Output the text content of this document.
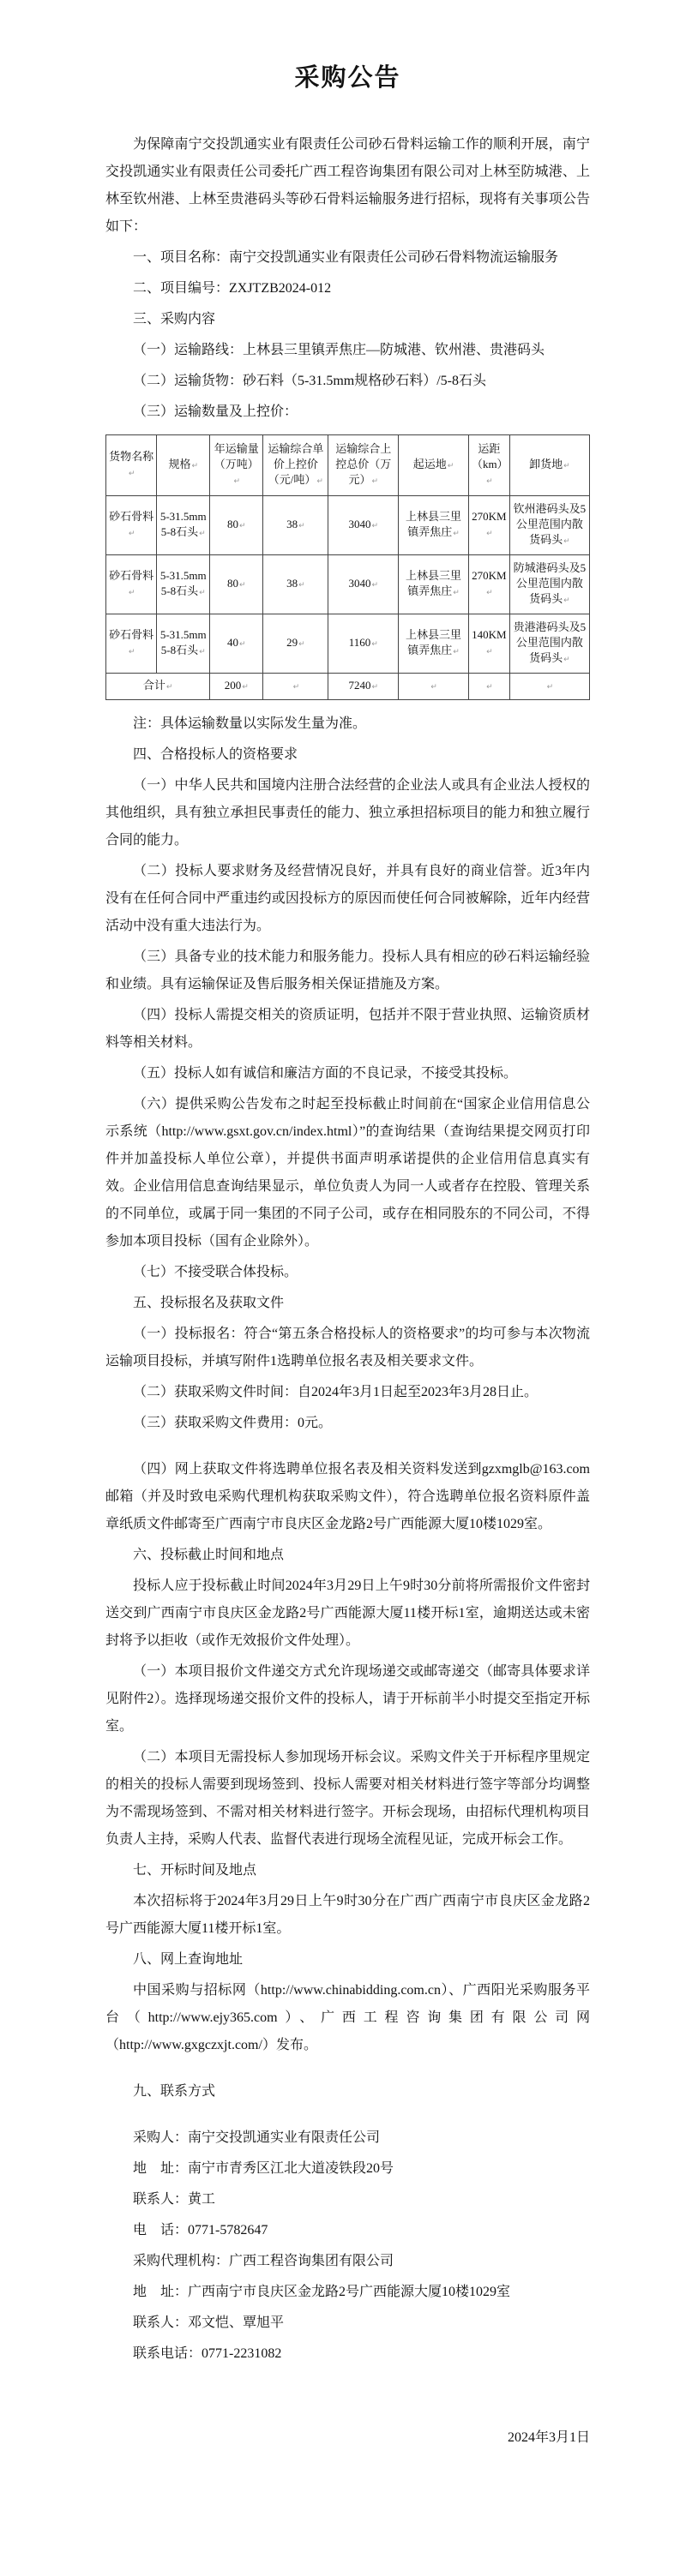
采购公告

为保障南宁交投凯通实业有限责任公司砂石骨料运输工作的顺利开展，南宁交投凯通实业有限责任公司委托广西工程咨询集团有限公司对上林至防城港、上林至钦州港、上林至贵港码头等砂石骨料运输服务进行招标，现将有关事项公告如下：

一、项目名称：南宁交投凯通实业有限责任公司砂石骨料物流运输服务

二、项目编号：ZXJTZB2024-012

三、采购内容

（一）运输路线：上林县三里镇弄焦庄—防城港、钦州港、贵港码头

（二）运输货物：砂石料（5-31.5mm规格砂石料）/5-8石头

（三）运输数量及上控价：

货物名称 ↵	规格 ↵	年运输量（万吨） ↵	运输综合单价上控价（元/吨） ↵	运输综合上控总价（万元） ↵	起运地 ↵	运距（km） ↵	卸货地 ↵
砂石骨料 ↵	5-31.5mm 5-8石头 ↵	80 ↵	38 ↵	3040 ↵	上林县三里镇弄焦庄 ↵	270KM ↵	钦州港码头及5公里范围内散货码头 ↵
砂石骨料 ↵	5-31.5mm 5-8石头 ↵	80 ↵	38 ↵	3040 ↵	上林县三里镇弄焦庄 ↵	270KM ↵	防城港码头及5公里范围内散货码头 ↵
砂石骨料 ↵	5-31.5mm 5-8石头 ↵	40 ↵	29 ↵	1160 ↵	上林县三里镇弄焦庄 ↵	140KM ↵	贵港港码头及5公里范围内散货码头 ↵
合计 ↵		200 ↵	↵	7240 ↵	↵	↵	↵

注：具体运输数量以实际发生量为准。

四、合格投标人的资格要求

（一）中华人民共和国境内注册合法经营的企业法人或具有企业法人授权的其他组织，具有独立承担民事责任的能力、独立承担招标项目的能力和独立履行合同的能力。

（二）投标人要求财务及经营情况良好，并具有良好的商业信誉。近3年内没有在任何合同中严重违约或因投标方的原因而使任何合同被解除，近年内经营活动中没有重大违法行为。

（三）具备专业的技术能力和服务能力。投标人具有相应的砂石料运输经验和业绩。具有运输保证及售后服务相关保证措施及方案。

（四）投标人需提交相关的资质证明，包括并不限于营业执照、运输资质材料等相关材料。

（五）投标人如有诚信和廉洁方面的不良记录，不接受其投标。

（六）提供采购公告发布之时起至投标截止时间前在“国家企业信用信息公示系统（http://www.gsxt.gov.cn/index.html）”的查询结果（查询结果提交网页打印件并加盖投标人单位公章），并提供书面声明承诺提供的企业信用信息真实有效。企业信用信息查询结果显示，单位负责人为同一人或者存在控股、管理关系的不同单位，或属于同一集团的不同子公司，或存在相同股东的不同公司，不得参加本项目投标（国有企业除外）。

（七）不接受联合体投标。

五、投标报名及获取文件

（一）投标报名：符合“第五条合格投标人的资格要求”的均可参与本次物流运输项目投标，并填写附件1选聘单位报名表及相关要求文件。

（二）获取采购文件时间：自2024年3月1日起至2023年3月28日止。

（三）获取采购文件费用：0元。

（四）网上获取文件将选聘单位报名表及相关资料发送到gzxmglb@163.com邮箱（并及时致电采购代理机构获取采购文件），符合选聘单位报名资料原件盖章纸质文件邮寄至广西南宁市良庆区金龙路2号广西能源大厦10楼1029室。

六、投标截止时间和地点

投标人应于投标截止时间2024年3月29日上午9时30分前将所需报价文件密封送交到广西南宁市良庆区金龙路2号广西能源大厦11楼开标1室，逾期送达或未密封将予以拒收（或作无效报价文件处理）。

（一）本项目报价文件递交方式允许现场递交或邮寄递交（邮寄具体要求详见附件2）。选择现场递交报价文件的投标人，请于开标前半小时提交至指定开标室。

（二）本项目无需投标人参加现场开标会议。采购文件关于开标程序里规定的相关的投标人需要到现场签到、投标人需要对相关材料进行签字等部分均调整为不需现场签到、不需对相关材料进行签字。开标会现场，由招标代理机构项目负责人主持，采购人代表、监督代表进行现场全流程见证，完成开标会工作。

七、开标时间及地点

本次招标将于2024年3月29日上午9时30分在广西广西南宁市良庆区金龙路2号广西能源大厦11楼开标1室。

八、网上查询地址

中国采购与招标网（http://www.chinabidding.com.cn）、广西阳光采购服务平台（http://www.ejy365.com）、广西工程咨询集团有限公司网（http://www.gxgczxjt.com/）发布。

九、联系方式

采购人：南宁交投凯通实业有限责任公司

地　址：南宁市青秀区江北大道凌铁段20号

联系人：黄工

电　话：0771-5782647

采购代理机构：广西工程咨询集团有限公司

地　址：广西南宁市良庆区金龙路2号广西能源大厦10楼1029室

联系人：邓文恺、覃旭平

联系电话：0771-2231082

2024年3月1日
